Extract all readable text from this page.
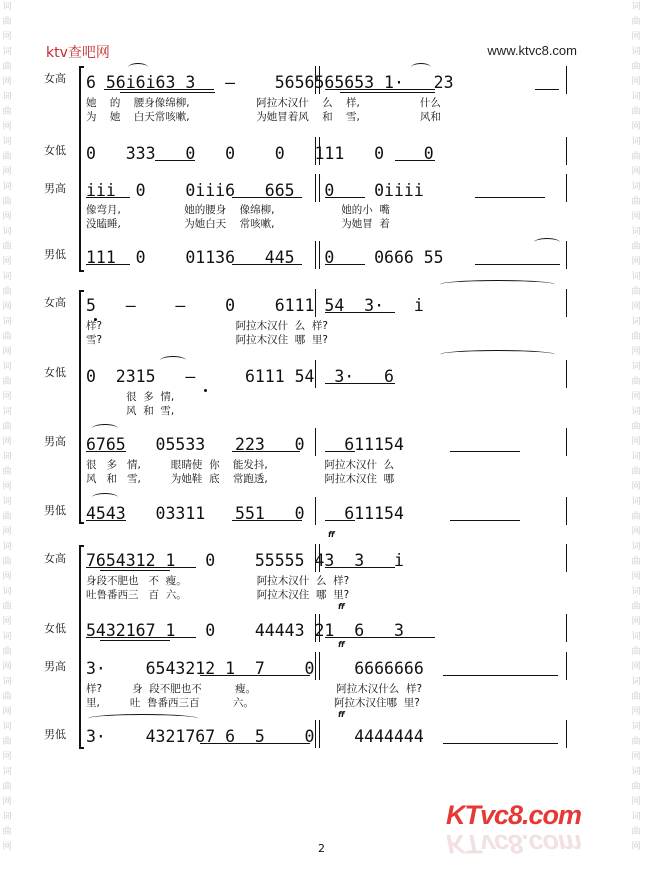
词 曲 网 词 曲 网 词 曲 网 词 曲 网 词 曲 网 词 曲 网 词 曲 网 词 曲 网 词 曲 网 词 曲 网 词 曲 网 词 曲 网 词 曲 网 词 曲 网 词 曲 网 词 曲 网 词 曲 网 词 曲 网 词 曲 网
词 曲 网 词 曲 网 词 曲 网 词 曲 网 词 曲 网 词 曲 网 词 曲 网 词 曲 网 词 曲 网 词 曲 网 词 曲 网 词 曲 网 词 曲 网 词 曲 网 词 曲 网 词 曲 网 词 曲 网 词 曲 网 词 曲 网
ktv查吧网	www.ktvc8.com
女高
女低
男高
男低
6 56i6i63 3   –    5656565653 1·   23
她    的    腰身像绵柳,                    阿拉木汉什    么    样,                  什么
为    她    白天常咳嗽,                    为她冒着风    和    雪,                  风和
0   333   0   0    0   111   0    0
iii  0    0iii6   665   0    0iiii
像弯月,                   她的腰身    像绵柳,                    她的小  嘴
没瞌睡,                   为她白天    常咳嗽,                    为她冒  着
111  0    01136   445   0    0666 55
女高
女低
男高
男低
5   –    –    0    6111 54  3·   i
样?                                        阿拉木汉什  么  样?
雪?                                        阿拉木汉住  哪  里?
0  2315   –     6111 54  3·   6
很  多  情,
风  和  雪,
6765   05533   223   0    611154
很   多   情,         眼睛使  你    能发抖,                 阿拉木汉什  么
风   和   雪,         为她鞋  底    常跑透,                 阿拉木汉住  哪
4543   03311   551   0    611154
ff
女高
女低
男高
男低
7654312 1   0    55555 43  3   i
身段不肥也   不  瘦。                     阿拉木汉什  么  样?
吐鲁番西三   百  六。                     阿拉木汉住  哪  里?
ff
5432167 1   0    44443 21  6   3
ff
3·    6543212 1  7    0    6666666
样?         身  段不肥也不          瘦。                        阿拉木汉什么  样?
里,         吐  鲁番西三百          六。                        阿拉木汉住哪  里?
ff
3·    4321767 6  5    0    4444444
KTvc8.com
KTvc8.com
2
